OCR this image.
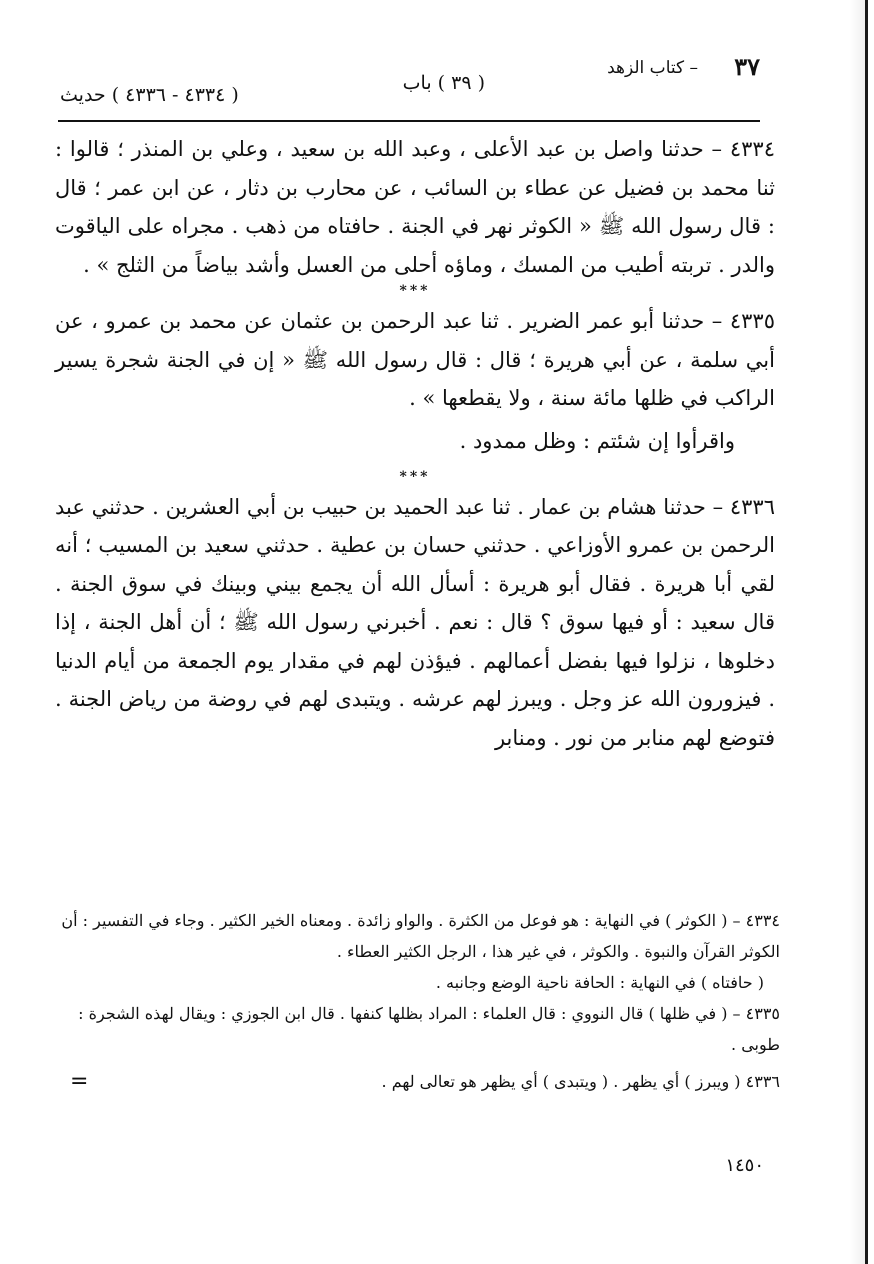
٣٧
– كتاب الزهد
( ٣٩ ) باب
( ٤٣٣٤ - ٤٣٣٦ ) حديث

٤٣٣٤ – حدثنا واصل بن عبد الأعلى ، وعبد الله بن سعيد ، وعلي بن المنذر ؛ قالوا : ثنا محمد بن فضيل عن عطاء بن السائب ، عن محارب بن دثار ، عن ابن عمر ؛ قال : قال رسول الله ﷺ « الكوثر نهر في الجنة . حافتاه من ذهب . مجراه على الياقوت والدر . تربته أطيب من المسك ، وماؤه أحلى من العسل وأشد بياضاً من الثلج » .

***

٤٣٣٥ – حدثنا أبو عمر الضرير . ثنا عبد الرحمن بن عثمان عن محمد بن عمرو ، عن أبي سلمة ، عن أبي هريرة ؛ قال : قال رسول الله ﷺ « إن في الجنة شجرة يسير الراكب في ظلها مائة سنة ، ولا يقطعها » .

واقرأوا إن شئتم : وظل ممدود .

***

٤٣٣٦ – حدثنا هشام بن عمار . ثنا عبد الحميد بن حبيب بن أبي العشرين . حدثني عبد الرحمن بن عمرو الأوزاعي . حدثني حسان بن عطية . حدثني سعيد بن المسيب ؛ أنه لقي أبا هريرة . فقال أبو هريرة : أسأل الله أن يجمع بيني وبينك في سوق الجنة . قال سعيد : أو فيها سوق ؟ قال : نعم . أخبرني رسول الله ﷺ ؛ أن أهل الجنة ، إذا دخلوها ، نزلوا فيها بفضل أعمالهم . فيؤذن لهم في مقدار يوم الجمعة من أيام الدنيا . فيزورون الله عز وجل . ويبرز لهم عرشه . ويتبدى لهم في روضة من رياض الجنة . فتوضع لهم منابر من نور . ومنابر

٤٣٣٤ – ( الكوثر ) في النهاية : هو فوعل من الكثرة . والواو زائدة . ومعناه الخير الكثير . وجاء في التفسير : أن الكوثر القرآن والنبوة . والكوثر ، في غير هذا ، الرجل الكثير العطاء .

( حافتاه ) في النهاية : الحافة ناحية الوضع وجانبه .

٤٣٣٥ – ( في ظلها ) قال النووي : قال العلماء : المراد بظلها كنفها . قال ابن الجوزي : ويقال لهذه الشجرة : طوبى .

٤٣٣٦ ( ويبرز ) أي يظهر . ( ويتبدى ) أي يظهر هو تعالى لهم .
=

١٤٥٠
